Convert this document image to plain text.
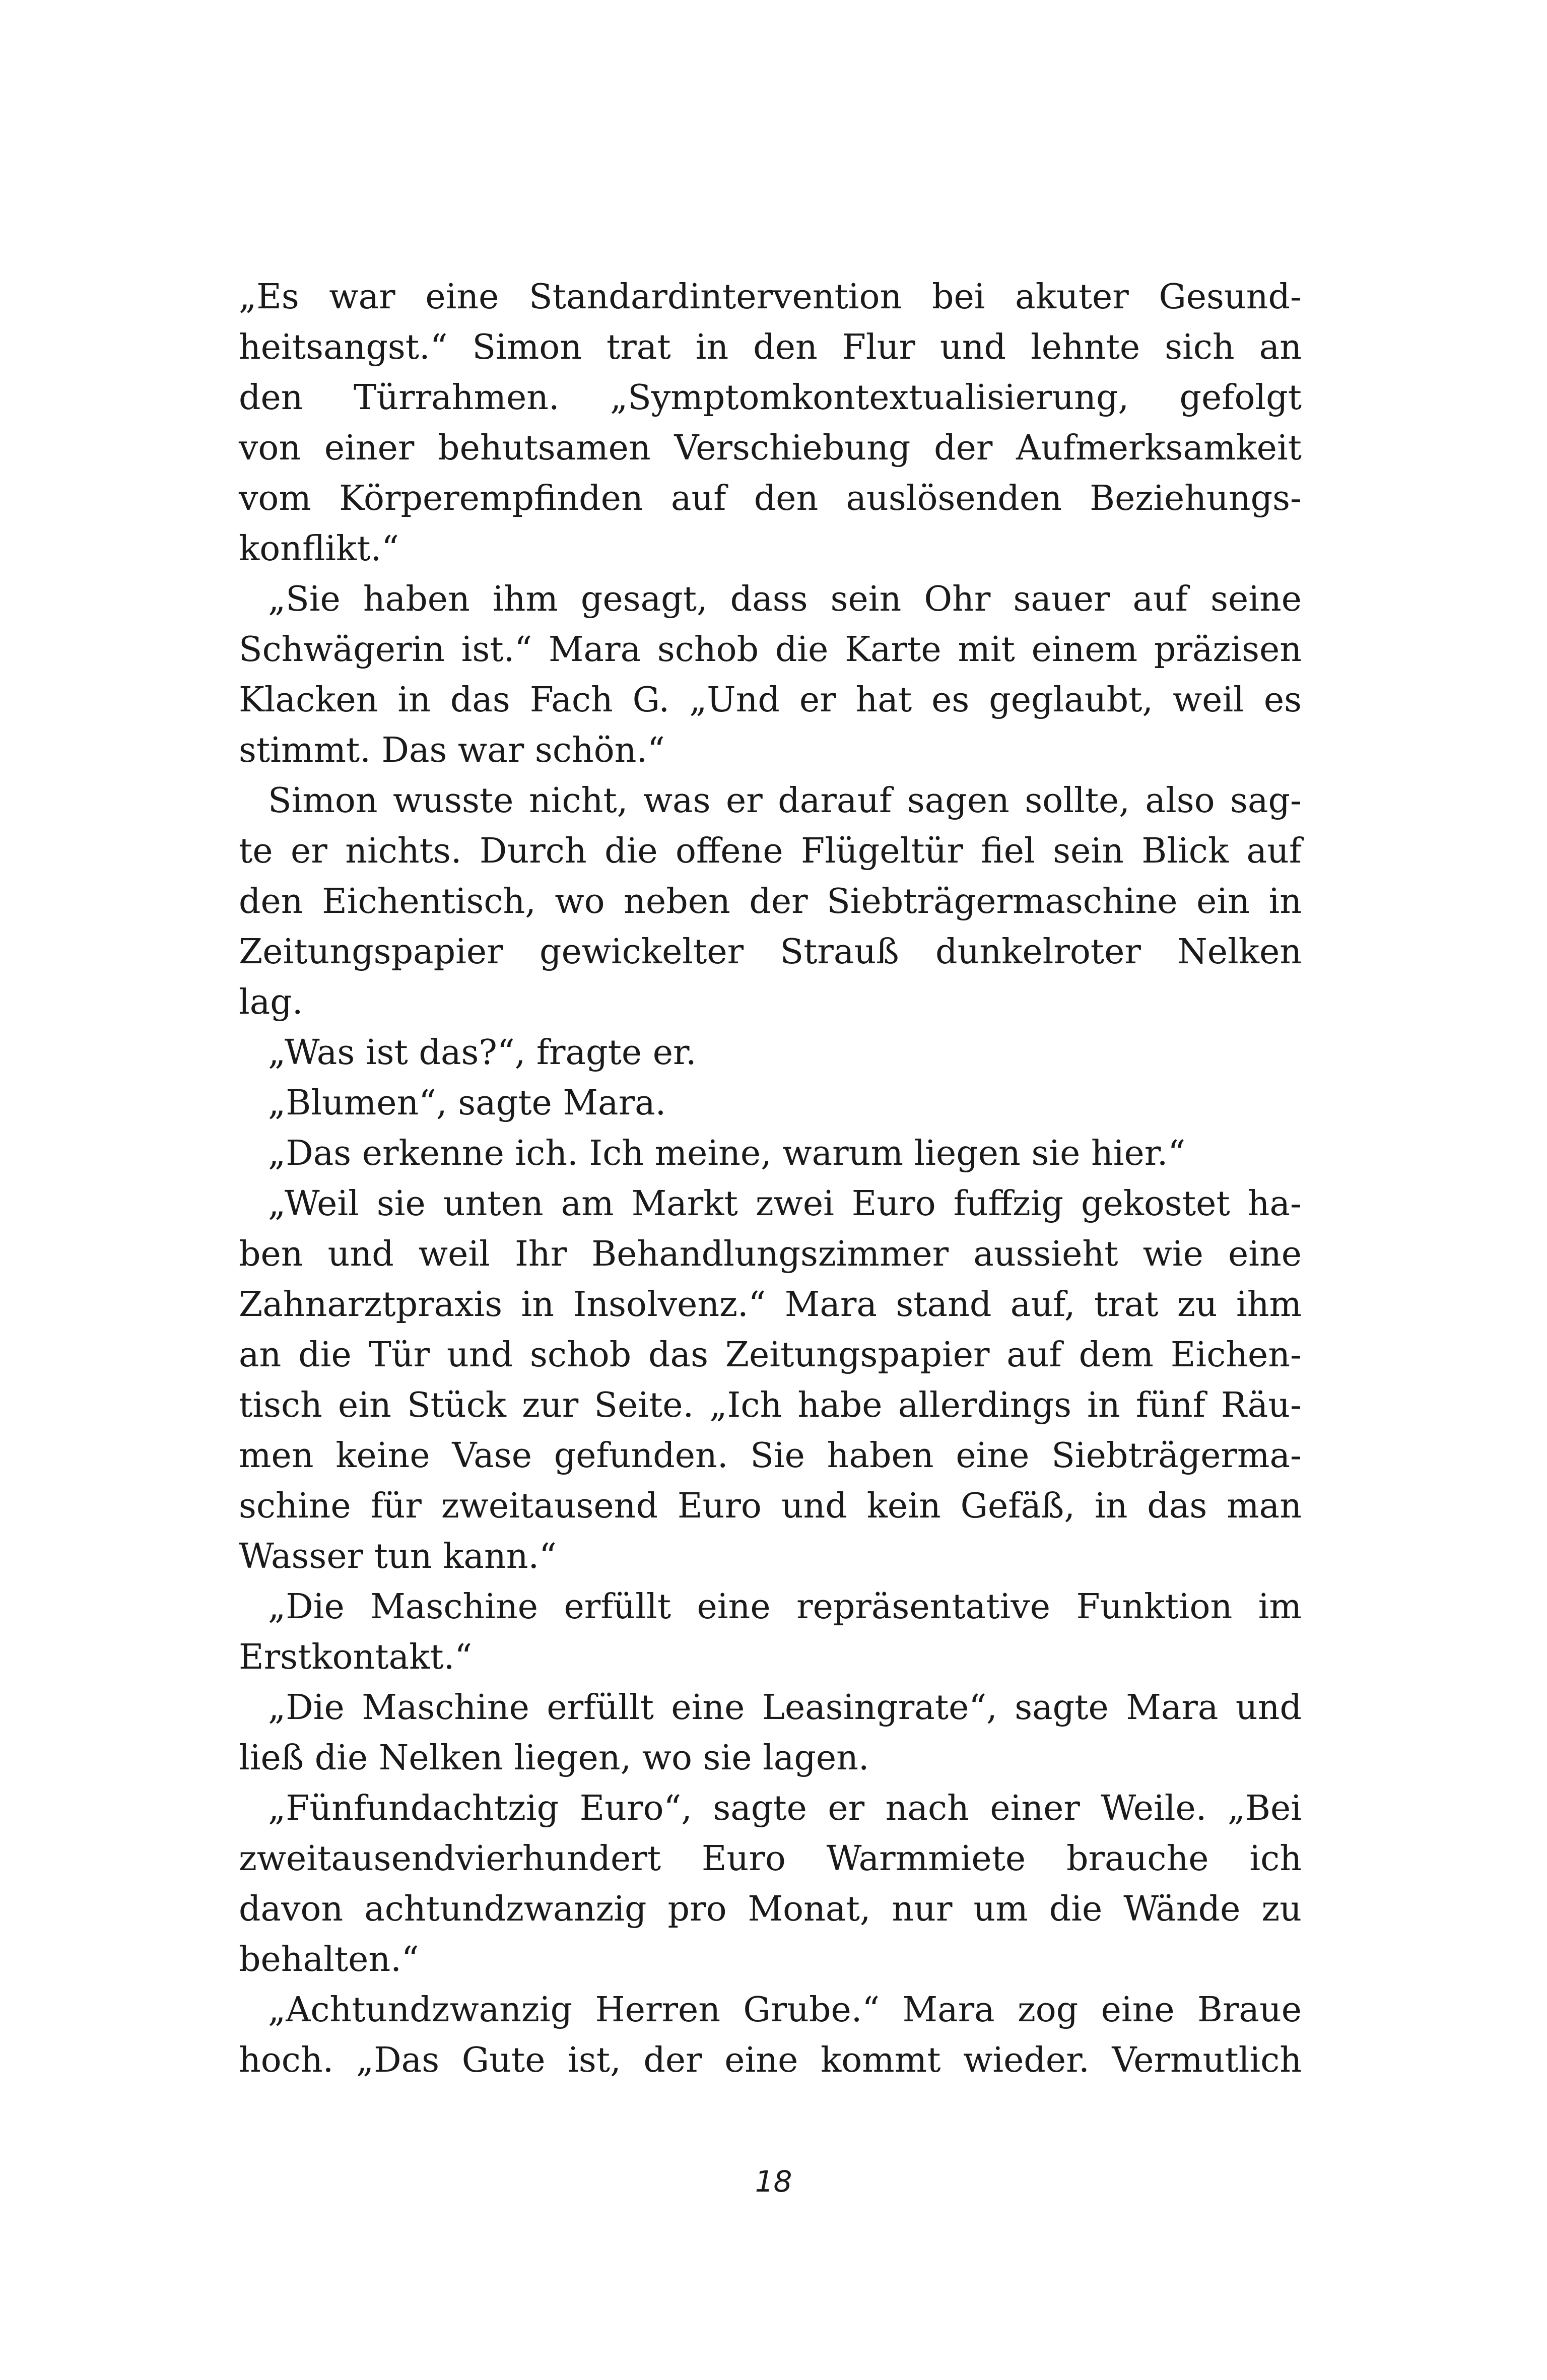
„Es war eine Standardintervention bei akuter Gesund-
heitsangst.“ Simon trat in den Flur und lehnte sich an
den Türrahmen. „Symptomkontextualisierung, gefolgt
von einer behutsamen Verschiebung der Aufmerksamkeit
vom Körperempfinden auf den auslösenden Beziehungs-
konflikt.“
„Sie haben ihm gesagt, dass sein Ohr sauer auf seine
Schwägerin ist.“ Mara schob die Karte mit einem präzisen
Klacken in das Fach G. „Und er hat es geglaubt, weil es
stimmt. Das war schön.“
Simon wusste nicht, was er darauf sagen sollte, also sag-
te er nichts. Durch die offene Flügeltür fiel sein Blick auf
den Eichentisch, wo neben der Siebträgermaschine ein in
Zeitungspapier gewickelter Strauß dunkelroter Nelken
lag.
„Was ist das?“, fragte er.
„Blumen“, sagte Mara.
„Das erkenne ich. Ich meine, warum liegen sie hier.“
„Weil sie unten am Markt zwei Euro fuffzig gekostet ha-
ben und weil Ihr Behandlungszimmer aussieht wie eine
Zahnarztpraxis in Insolvenz.“ Mara stand auf, trat zu ihm
an die Tür und schob das Zeitungspapier auf dem Eichen-
tisch ein Stück zur Seite. „Ich habe allerdings in fünf Räu-
men keine Vase gefunden. Sie haben eine Siebträgerma-
schine für zweitausend Euro und kein Gefäß, in das man
Wasser tun kann.“
„Die Maschine erfüllt eine repräsentative Funktion im
Erstkontakt.“
„Die Maschine erfüllt eine Leasingrate“, sagte Mara und
ließ die Nelken liegen, wo sie lagen.
„Fünfundachtzig Euro“, sagte er nach einer Weile. „Bei
zweitausendvierhundert Euro Warmmiete brauche ich
davon achtundzwanzig pro Monat, nur um die Wände zu
behalten.“
„Achtundzwanzig Herren Grube.“ Mara zog eine Braue
hoch. „Das Gute ist, der eine kommt wieder. Vermutlich
18
